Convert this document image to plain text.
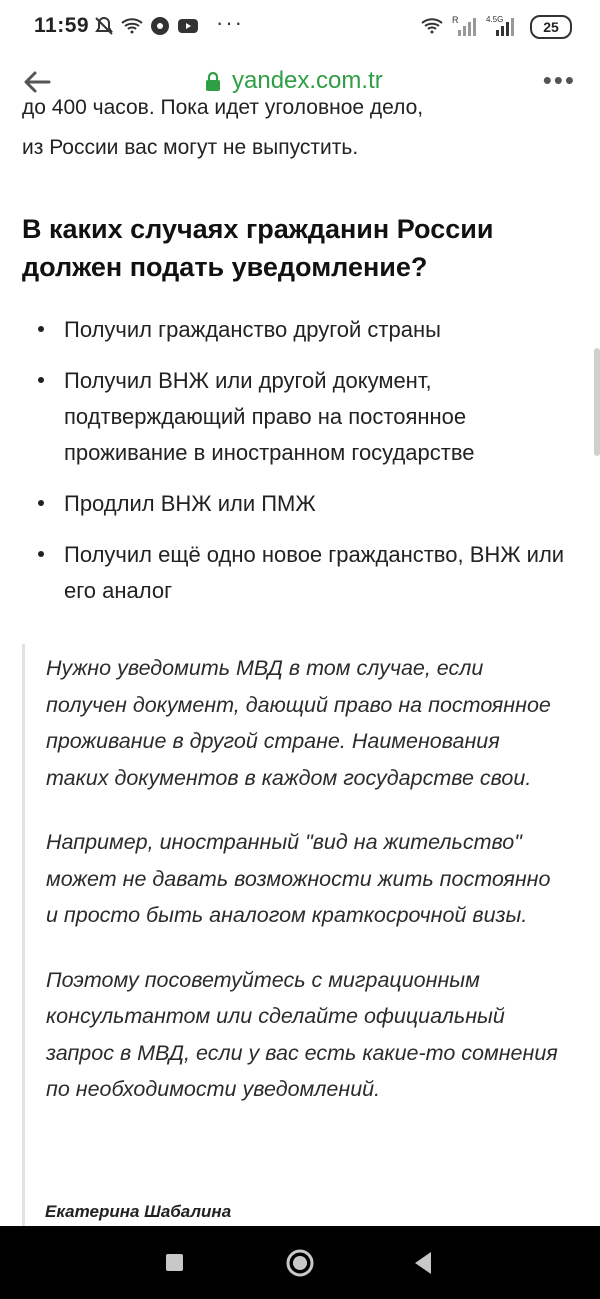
11:59	···	R	4.5G	25
yandex.com.tr	•••
до 400 часов. Пока идет уголовное дело,
из России вас могут не выпустить.
В каких случаях гражданин России должен подать уведомление?
Получил гражданство другой страны
Получил ВНЖ или другой документ, подтверждающий право на постоянное проживание в иностранном государстве
Продлил ВНЖ или ПМЖ
Получил ещё одно новое гражданство, ВНЖ или его аналог

Нужно уведомить МВД в том случае, если получен документ, дающий право на постоянное проживание в другой стране. Наименования таких документов в каждом государстве свои.

Например, иностранный "вид на жительство" может не давать возможности жить постоянно и просто быть аналогом краткосрочной визы.

Поэтому посоветуйтесь с миграционным консультантом или сделайте официальный запрос в МВД, если у вас есть какие-то сомнения по необходимости уведомлений.

Екатерина Шабалина
